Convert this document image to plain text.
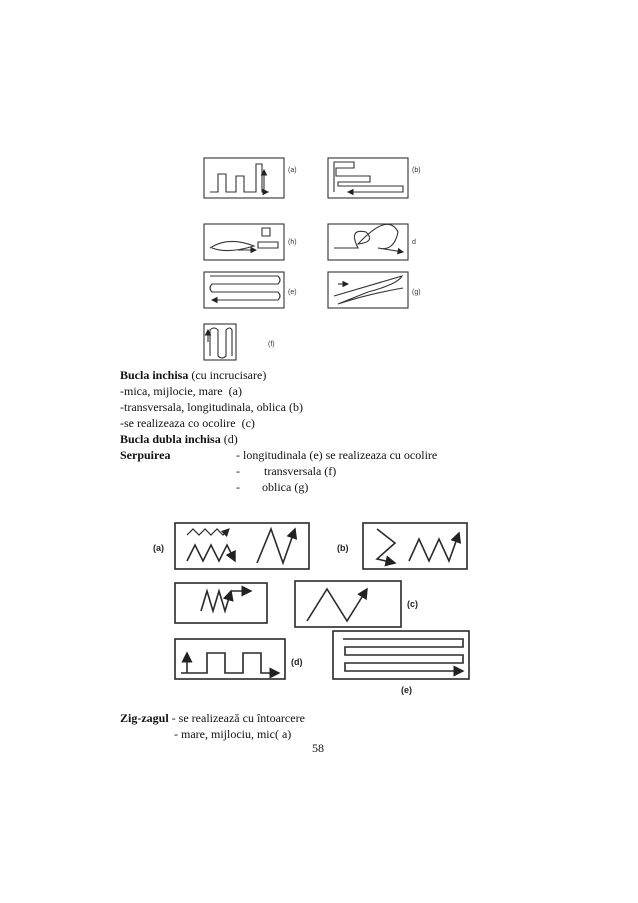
(a)	(b)
(h)	d
(e)	(g)
(f)
Bucla inchisa (cu incrucisare)
-mica, mijlocie, mare  (a)
-transversala, longitudinala, oblica (b)
-se realizeaza co ocolire  (c)
Bucla dubla inchisa (d)
Serpuirea	- longitudinala (e) se realizeaza cu ocolire
- transversala (f)
- oblica (g)
(a)	(b)
(c)
(d)
(e)
Zig-zagul - se realizează cu întoarcere
- mare, mijlociu, mic( a)
58
